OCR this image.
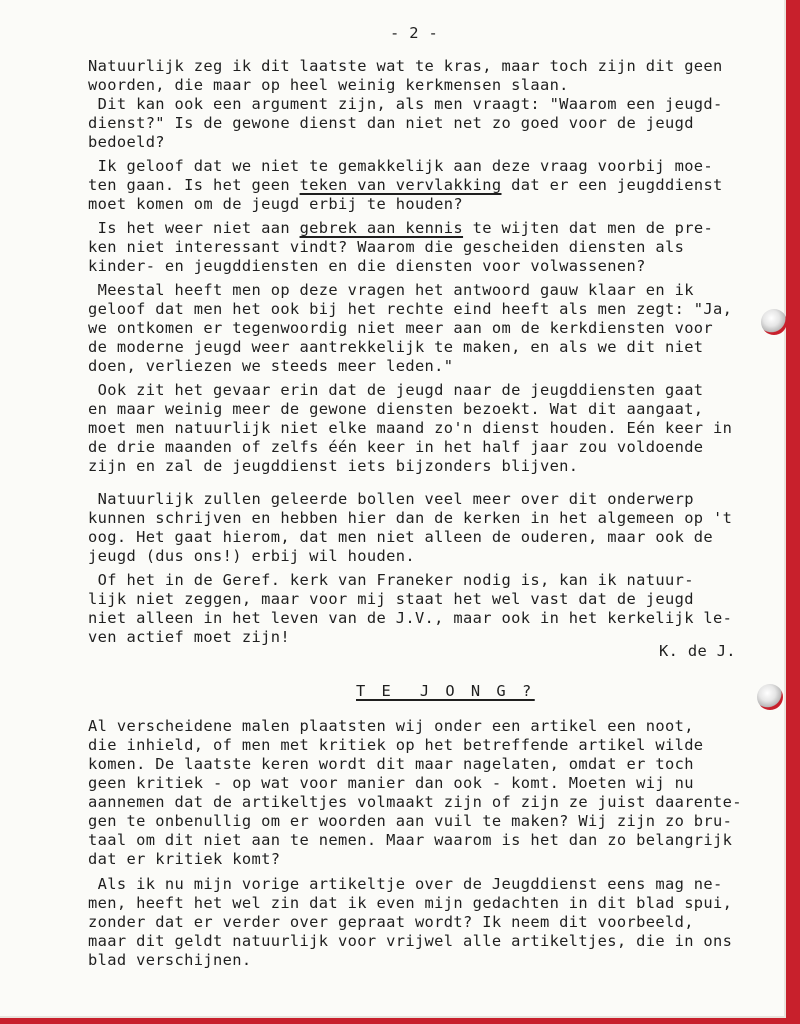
- 2 -
Natuurlijk zeg ik dit laatste wat te kras, maar toch zijn dit geen
woorden, die maar op heel weinig kerkmensen slaan.
Dit kan ook een argument zijn, als men vraagt: "Waarom een jeugd-
dienst?" Is de gewone dienst dan niet net zo goed voor de jeugd
bedoeld?
Ik geloof dat we niet te gemakkelijk aan deze vraag voorbij moe-
ten gaan. Is het geen teken van vervlakking dat er een jeugddienst
moet komen om de jeugd erbij te houden?
Is het weer niet aan gebrek aan kennis te wijten dat men de pre-
ken niet interessant vindt? Waarom die gescheiden diensten als
kinder- en jeugddiensten en die diensten voor volwassenen?
Meestal heeft men op deze vragen het antwoord gauw klaar en ik
geloof dat men het ook bij het rechte eind heeft als men zegt: "Ja,
we ontkomen er tegenwoordig niet meer aan om de kerkdiensten voor
de moderne jeugd weer aantrekkelijk te maken, en als we dit niet
doen, verliezen we steeds meer leden."
Ook zit het gevaar erin dat de jeugd naar de jeugddiensten gaat
en maar weinig meer de gewone diensten bezoekt. Wat dit aangaat,
moet men natuurlijk niet elke maand zo'n dienst houden. Eén keer in
de drie maanden of zelfs één keer in het half jaar zou voldoende
zijn en zal de jeugddienst iets bijzonders blijven.
Natuurlijk zullen geleerde bollen veel meer over dit onderwerp
kunnen schrijven en hebben hier dan de kerken in het algemeen op 't
oog. Het gaat hierom, dat men niet alleen de ouderen, maar ook de
jeugd (dus ons!) erbij wil houden.
Of het in de Geref. kerk van Franeker nodig is, kan ik natuur-
lijk niet zeggen, maar voor mij staat het wel vast dat de jeugd
niet alleen in het leven van de J.V., maar ook in het kerkelijk le-
ven actief moet zijn!
K. de J.
T E  J O N G ?
Al verscheidene malen plaatsten wij onder een artikel een noot,
die inhield, of men met kritiek op het betreffende artikel wilde
komen. De laatste keren wordt dit maar nagelaten, omdat er toch
geen kritiek - op wat voor manier dan ook - komt. Moeten wij nu
aannemen dat de artikeltjes volmaakt zijn of zijn ze juist daarente-
gen te onbenullig om er woorden aan vuil te maken? Wij zijn zo bru-
taal om dit niet aan te nemen. Maar waarom is het dan zo belangrijk
dat er kritiek komt?
Als ik nu mijn vorige artikeltje over de Jeugddienst eens mag ne-
men, heeft het wel zin dat ik even mijn gedachten in dit blad spui,
zonder dat er verder over gepraat wordt? Ik neem dit voorbeeld,
maar dit geldt natuurlijk voor vrijwel alle artikeltjes, die in ons
blad verschijnen.
